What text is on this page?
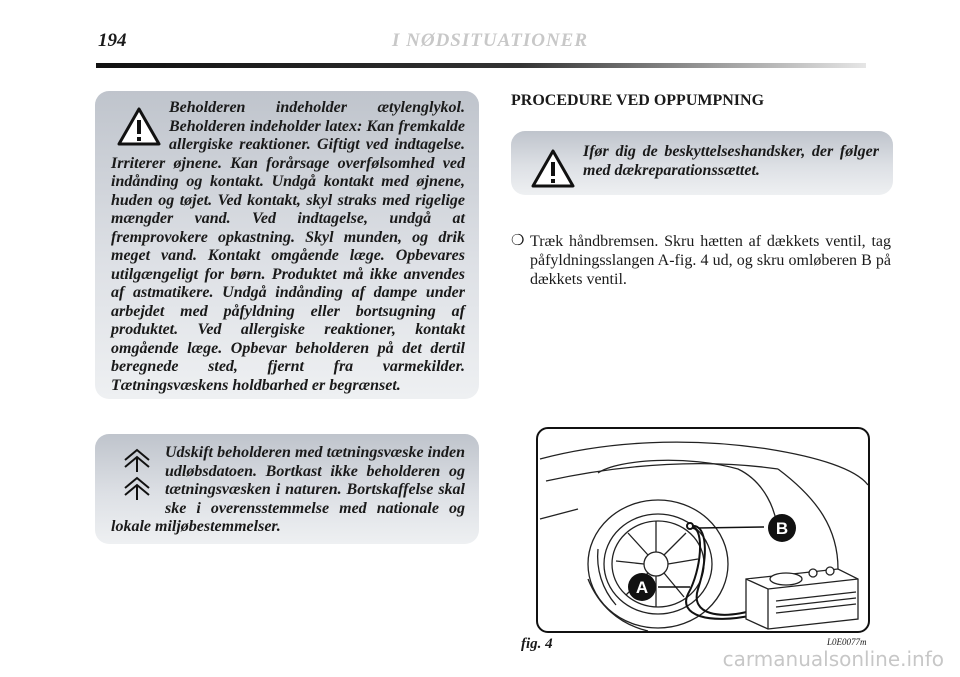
194	I NØDSITUATIONER

Beholderen indeholder ætylenglykol. Beholderen indeholder latex: Kan fremkalde allergiske reaktioner. Giftigt ved indtagelse. Irriterer øjnene. Kan forårsage overfølsomhed ved indånding og kontakt. Undgå kontakt med øjnene, huden og tøjet. Ved kontakt, skyl straks med rigelige mængder vand. Ved indtagelse, undgå at fremprovokere opkastning. Skyl munden, og drik meget vand. Kontakt omgående læge. Opbevares utilgængeligt for børn. Produktet må ikke anvendes af astmatikere. Undgå indånding af dampe under arbejdet med påfyldning eller bortsugning af produktet. Ved allergiske reaktioner, kontakt omgående læge. Opbevar beholderen på det dertil beregnede sted, fjernt fra varmekilder. Tætningsvæskens holdbarhed er begrænset.

Udskift beholderen med tætningsvæske inden udløbsdatoen. Bortkast ikke beholderen og tætningsvæsken i naturen. Bortskaffelse skal ske i overensstemmelse med nationale og lokale miljøbestemmelser.

PROCEDURE VED OPPUMPNING

Ifør dig de beskyttelseshandsker, der følger med dækreparationssættet.

❍ Træk håndbremsen. Skru hætten af dækkets ventil, tag påfyldningsslangen A-fig. 4 ud, og skru omløberen B på dækkets ventil.

B
A
fig. 4	L0E0077m
carmanualsonline.info
